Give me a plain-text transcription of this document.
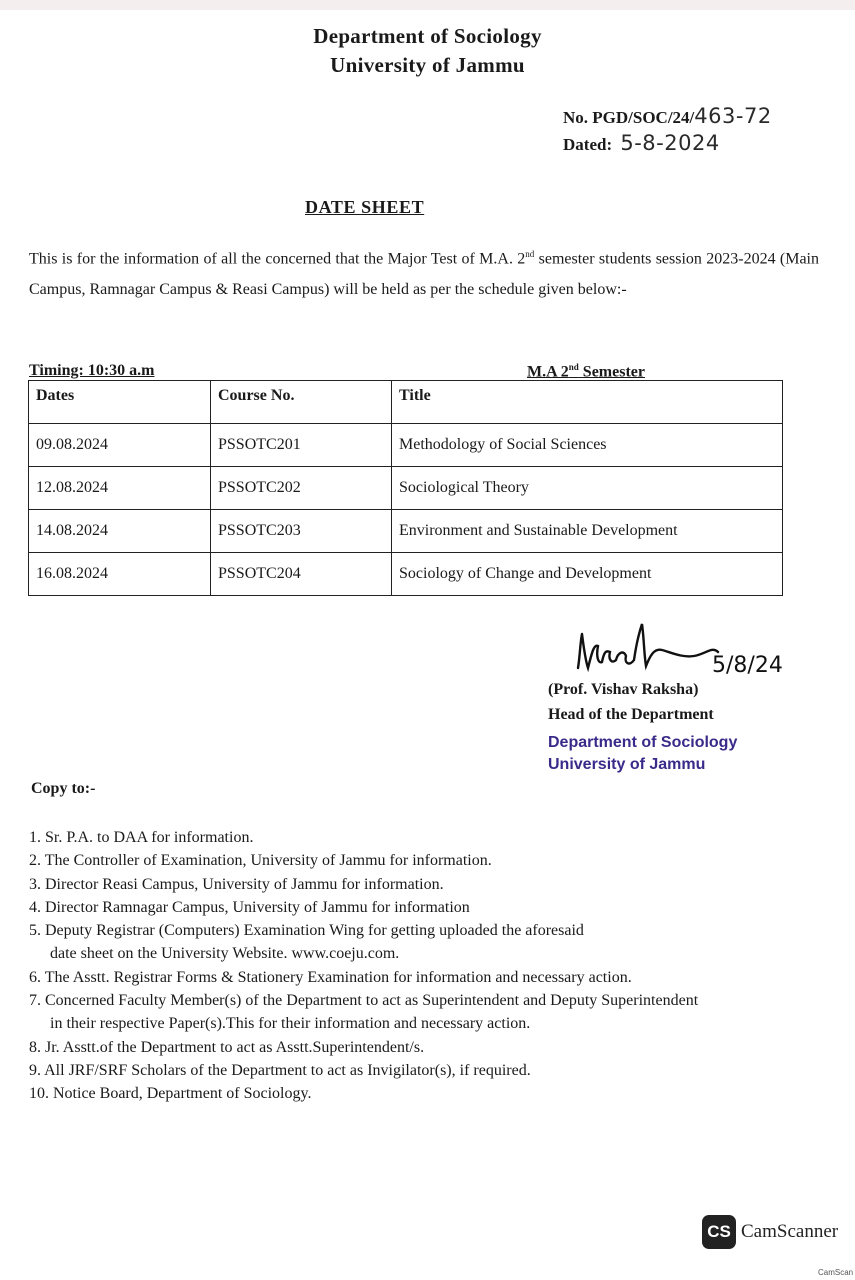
Department of Sociology
University of Jammu
No. PGD/SOC/24/463-72
Dated: 5-8-2024
DATE SHEET
This is for the information of all the concerned that the Major Test of M.A. 2nd semester students session 2023-2024 (Main Campus, Ramnagar Campus & Reasi Campus) will be held as per the schedule given below:-
Timing: 10:30 a.m	M.A 2nd Semester
Dates	Course No.	Title
09.08.2024	PSSOTC201	Methodology of Social Sciences
12.08.2024	PSSOTC202	Sociological Theory
14.08.2024	PSSOTC203	Environment and Sustainable Development
16.08.2024	PSSOTC204	Sociology of Change and Development
5/8/24
(Prof. Vishav Raksha)
Head of the Department
Department of Sociology
University of Jammu
Copy to:-
1. Sr. P.A. to DAA for information.
2. The Controller of Examination, University of Jammu for information.
3. Director Reasi Campus, University of Jammu for information.
4. Director Ramnagar Campus, University of Jammu for information
5. Deputy Registrar (Computers) Examination Wing for getting uploaded the aforesaid
date sheet on the University Website. www.coeju.com.
6. The Asstt. Registrar Forms & Stationery Examination for information and necessary action.
7. Concerned Faculty Member(s) of the Department to act as Superintendent and Deputy Superintendent
in their respective Paper(s).This for their information and necessary action.
8. Jr. Asstt.of the Department to act as Asstt.Superintendent/s.
9. All JRF/SRF Scholars of the Department to act as Invigilator(s), if required.
10. Notice Board, Department of Sociology.
CS CamScanner
CamScan
